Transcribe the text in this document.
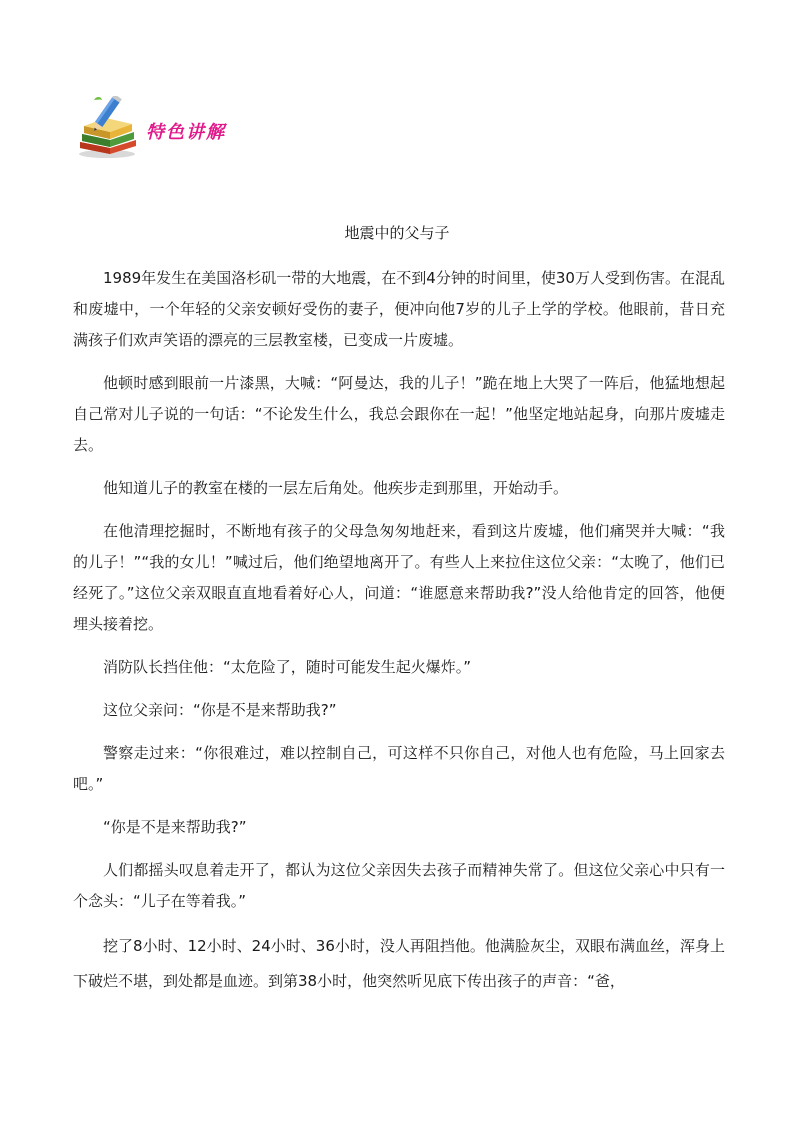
特色讲解
地震中的父与子

1989年发生在美国洛杉矶一带的大地震，在不到4分钟的时间里，使30万人受到伤害。在混乱和废墟中，一个年轻的父亲安顿好受伤的妻子，便冲向他7岁的儿子上学的学校。他眼前，昔日充满孩子们欢声笑语的漂亮的三层教室楼，已变成一片废墟。

他顿时感到眼前一片漆黑，大喊：“阿曼达，我的儿子！”跪在地上大哭了一阵后，他猛地想起自己常对儿子说的一句话：“不论发生什么，我总会跟你在一起！”他坚定地站起身，向那片废墟走去。

他知道儿子的教室在楼的一层左后角处。他疾步走到那里，开始动手。

在他清理挖掘时，不断地有孩子的父母急匆匆地赶来，看到这片废墟，他们痛哭并大喊：“我的儿子！”“我的女儿！”喊过后，他们绝望地离开了。有些人上来拉住这位父亲：“太晚了，他们已经死了。”这位父亲双眼直直地看着好心人，问道：“谁愿意来帮助我?”没人给他肯定的回答，他便埋头接着挖。

消防队长挡住他：“太危险了，随时可能发生起火爆炸。”

这位父亲问：“你是不是来帮助我?”

警察走过来：“你很难过，难以控制自己，可这样不只你自己，对他人也有危险，马上回家去吧。”

“你是不是来帮助我?”

人们都摇头叹息着走开了，都认为这位父亲因失去孩子而精神失常了。但这位父亲心中只有一个念头：“儿子在等着我。”

挖了8小时、12小时、24小时、36小时，没人再阻挡他。他满脸灰尘，双眼布满血丝，浑身上下破烂不堪，到处都是血迹。到第38小时，他突然听见底下传出孩子的声音：“爸，
